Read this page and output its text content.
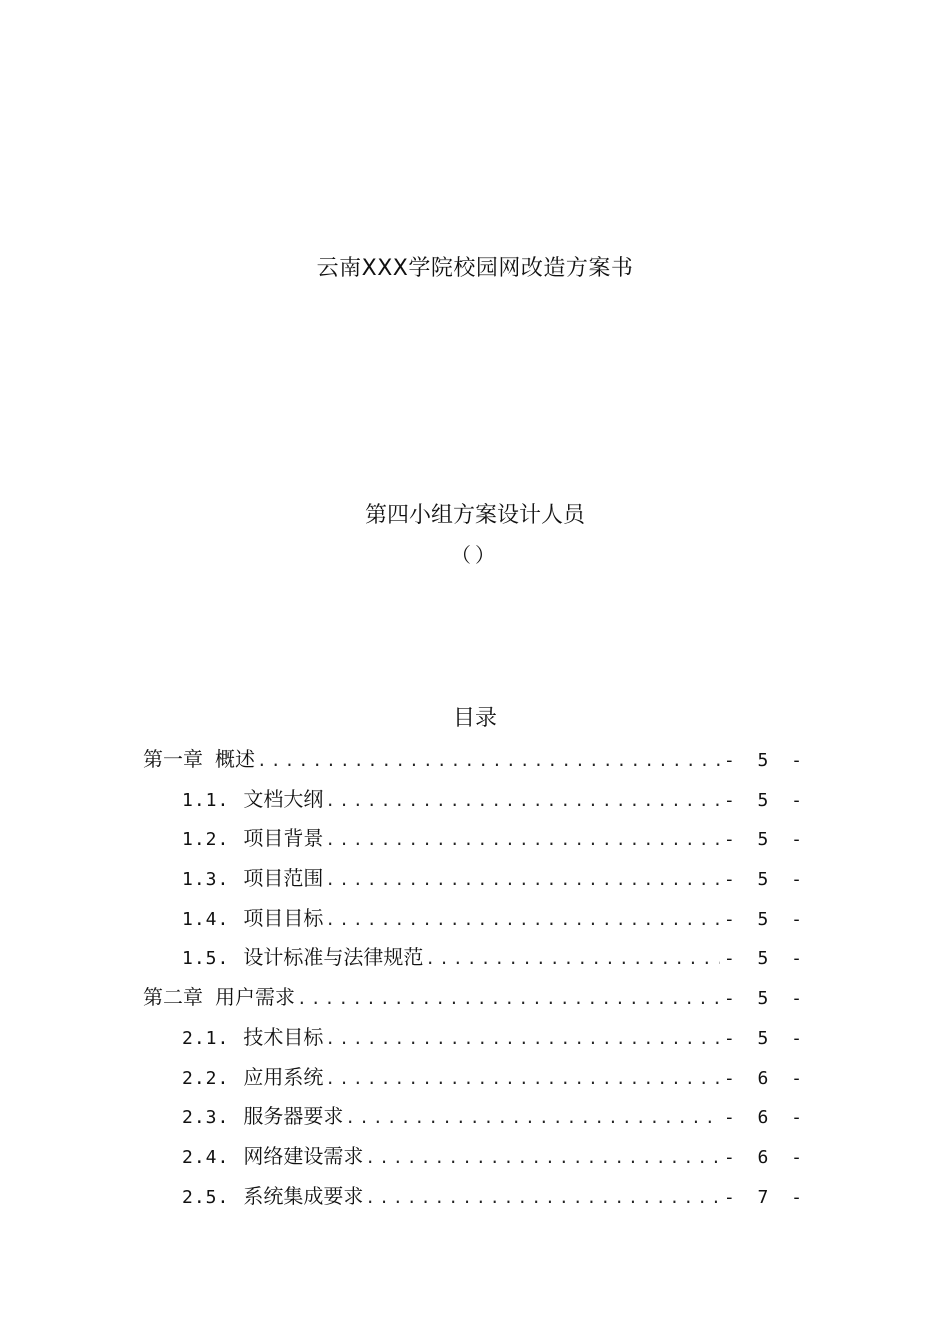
云南XXX学院校园网改造方案书
第四小组方案设计人员
（）
目录
第一章 概述 .....	- 5 -
1.1. 文档大纲 .....	- 5 -
1.2. 项目背景 .....	- 5 -
1.3. 项目范围 .....	- 5 -
1.4. 项目目标 .....	- 5 -
1.5. 设计标准与法律规范 .....	- 5 -
第二章 用户需求 .....	- 5 -
2.1. 技术目标 .....	- 5 -
2.2. 应用系统 .....	- 6 -
2.3. 服务器要求 .....	- 6 -
2.4. 网络建设需求 .....	- 6 -
2.5. 系统集成要求 .....	- 7 -
